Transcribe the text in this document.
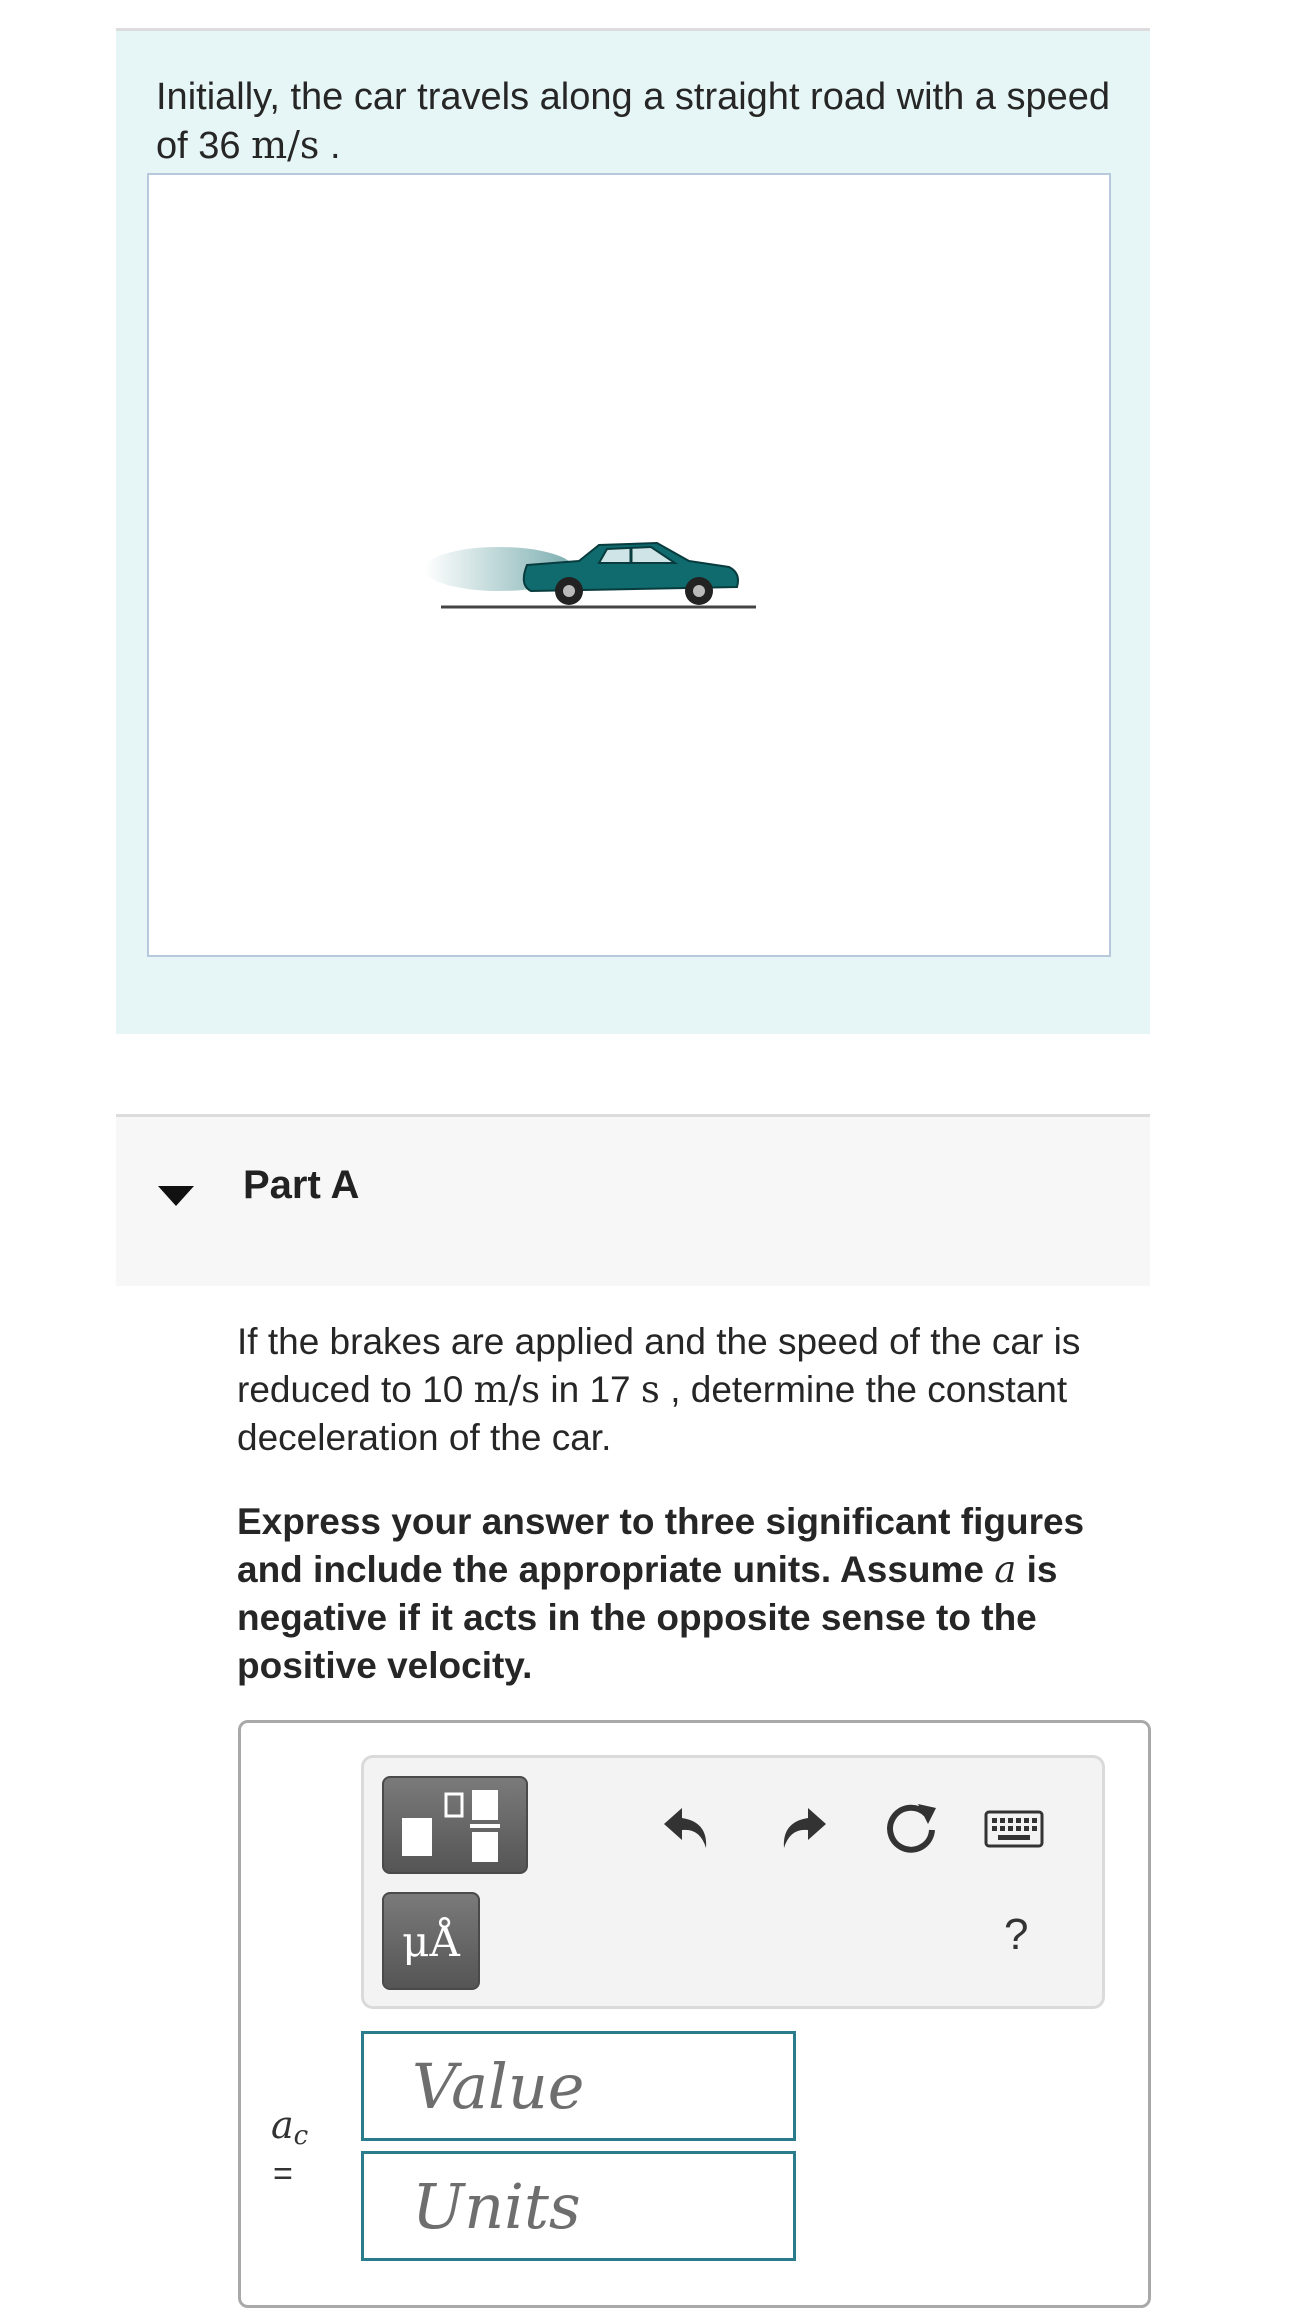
Initially, the car travels along a straight road with a speed of 36 m/s .
Part A
If the brakes are applied and the speed of the car is reduced to 10 m/s in 17 s , determine the constant deceleration of the car.
Express your answer to three significant figures and include the appropriate units. Assume a is negative if it acts in the opposite sense to the positive velocity.
μÅ	?
$a_c$
=
Value
Units
